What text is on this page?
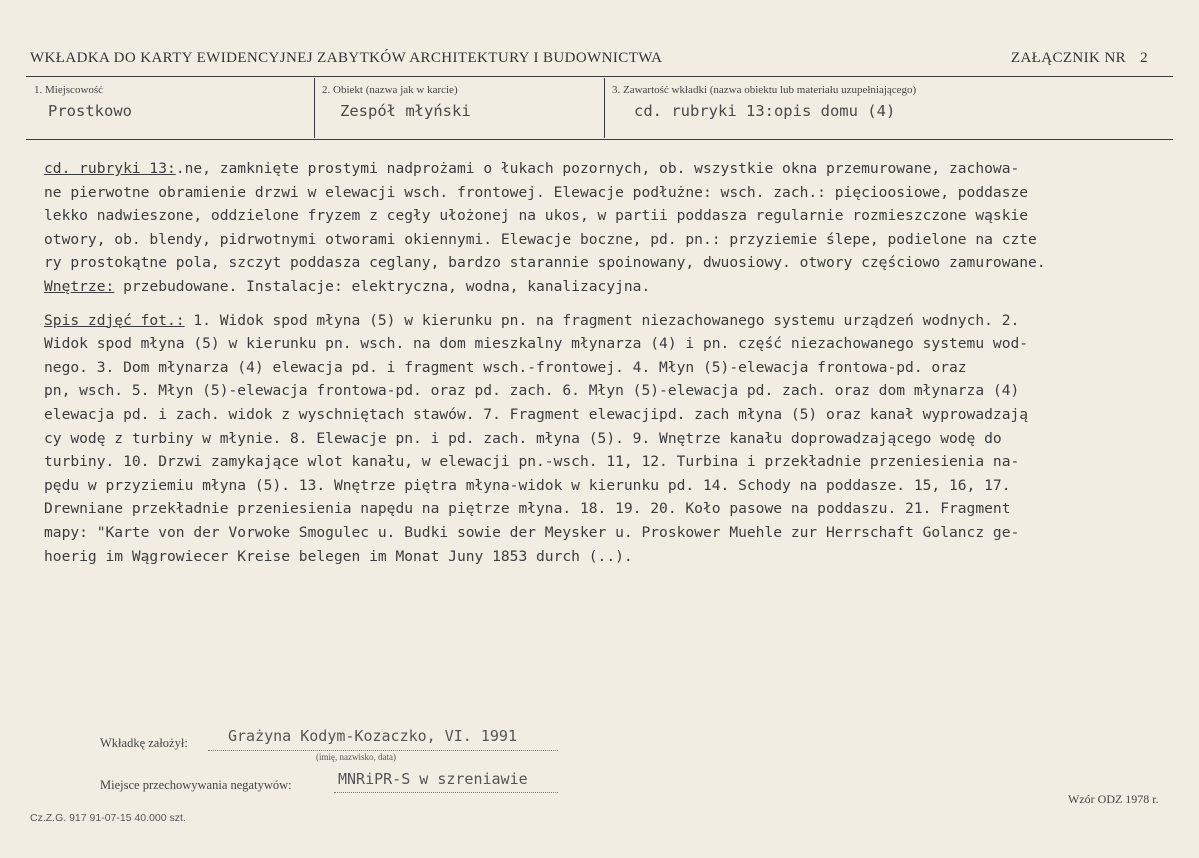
WKŁADKA DO KARTY EWIDENCYJNEJ ZABYTKÓW ARCHITEKTURY I BUDOWNICTWA	ZAŁĄCZNIK NR 2
1. Miejscowość
Prostkowo
2. Obiekt (nazwa jak w karcie)
Zespół młyński
3. Zawartość wkładki (nazwa obiektu lub materiału uzupełniającego)
cd. rubryki 13:opis domu (4)
cd. rubryki 13:.ne, zamknięte prostymi nadprożami o łukach pozornych, ob. wszystkie okna przemurowane, zachowa-
ne pierwotne obramienie drzwi w elewacji wsch. frontowej. Elewacje podłużne: wsch. zach.: pięcioosiowe, poddasze
lekko nadwieszone, oddzielone fryzem z cegły ułożonej na ukos, w partii poddasza regularnie rozmieszczone wąskie
otwory, ob. blendy, pidrwotnymi otworami okiennymi. Elewacje boczne, pd. pn.: przyziemie ślepe, podielone na czte
ry prostokątne pola, szczyt poddasza ceglany, bardzo starannie spoinowany, dwuosiowy. otwory częściowo zamurowane.
Wnętrze: przebudowane. Instalacje: elektryczna, wodna, kanalizacyjna.
Spis zdjęć fot.: 1. Widok spod młyna (5) w kierunku pn. na fragment niezachowanego systemu urządzeń wodnych. 2.
Widok spod młyna (5) w kierunku pn. wsch. na dom mieszkalny młynarza (4) i pn. część niezachowanego systemu wod-
nego. 3. Dom młynarza (4) elewacja pd. i fragment wsch.-frontowej. 4. Młyn (5)-elewacja frontowa-pd. oraz
pn, wsch. 5. Młyn (5)-elewacja frontowa-pd. oraz pd. zach. 6. Młyn (5)-elewacja pd. zach. oraz dom młynarza (4)
elewacja pd. i zach. widok z wyschniętach stawów. 7. Fragment elewacjipd. zach młyna (5) oraz kanał wyprowadzają
cy wodę z turbiny w młynie. 8. Elewacje pn. i pd. zach. młyna (5). 9. Wnętrze kanału doprowadzającego wodę do
turbiny. 10. Drzwi zamykające wlot kanału, w elewacji pn.-wsch. 11, 12. Turbina i przekładnie przeniesienia na-
pędu w przyziemiu młyna (5). 13. Wnętrze piętra młyna-widok w kierunku pd. 14. Schody na poddasze. 15, 16, 17.
Drewniane przekładnie przeniesienia napędu na piętrze młyna. 18. 19. 20. Koło pasowe na poddaszu. 21. Fragment
mapy: "Karte von der Vorwoke Smogulec u. Budki sowie der Meysker u. Proskower Muehle zur Herrschaft Golancz ge-
hoerig im Wągrowiecer Kreise belegen im Monat Juny 1853 durch (..).
Wkładkę założył:	Grażyna Kodym-Kozaczko, VI. 1991
(imię, nazwisko, data)
Miejsce przechowywania negatywów:	MNRiPR-S w szreniawie
Cz.Z.G. 917 91-07-15 40.000 szt.
Wzór ODZ 1978 r.
